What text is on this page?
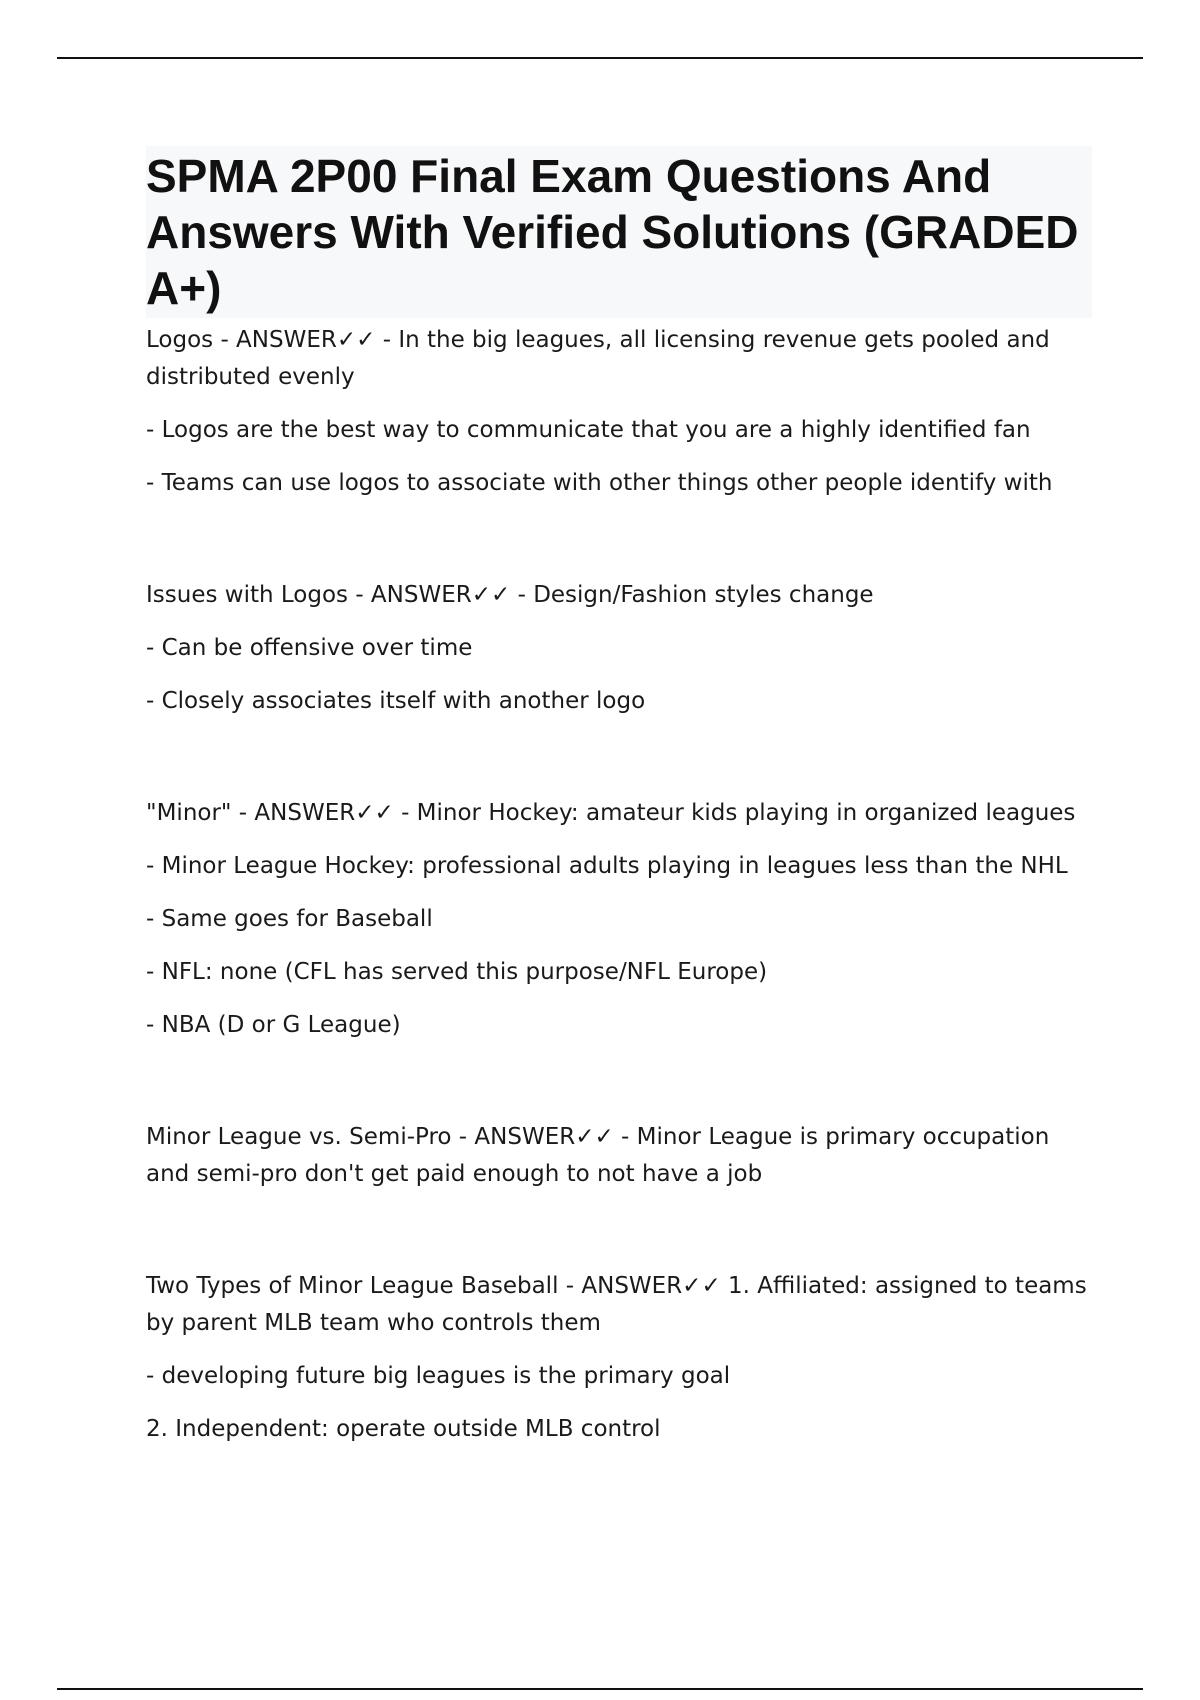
SPMA 2P00 Final Exam Questions And Answers With Verified Solutions (GRADED A+)

Logos - ANSWER✓✓ - In the big leagues, all licensing revenue gets pooled and distributed evenly

- Logos are the best way to communicate that you are a highly identified fan

- Teams can use logos to associate with other things other people identify with

Issues with Logos - ANSWER✓✓ - Design/Fashion styles change

- Can be offensive over time

- Closely associates itself with another logo

"Minor" - ANSWER✓✓ - Minor Hockey: amateur kids playing in organized leagues

- Minor League Hockey: professional adults playing in leagues less than the NHL

- Same goes for Baseball

- NFL: none (CFL has served this purpose/NFL Europe)

- NBA (D or G League)

Minor League vs. Semi-Pro - ANSWER✓✓ - Minor League is primary occupation and semi-pro don't get paid enough to not have a job

Two Types of Minor League Baseball - ANSWER✓✓ 1. Affiliated: assigned to teams by parent MLB team who controls them

- developing future big leagues is the primary goal

2. Independent: operate outside MLB control
